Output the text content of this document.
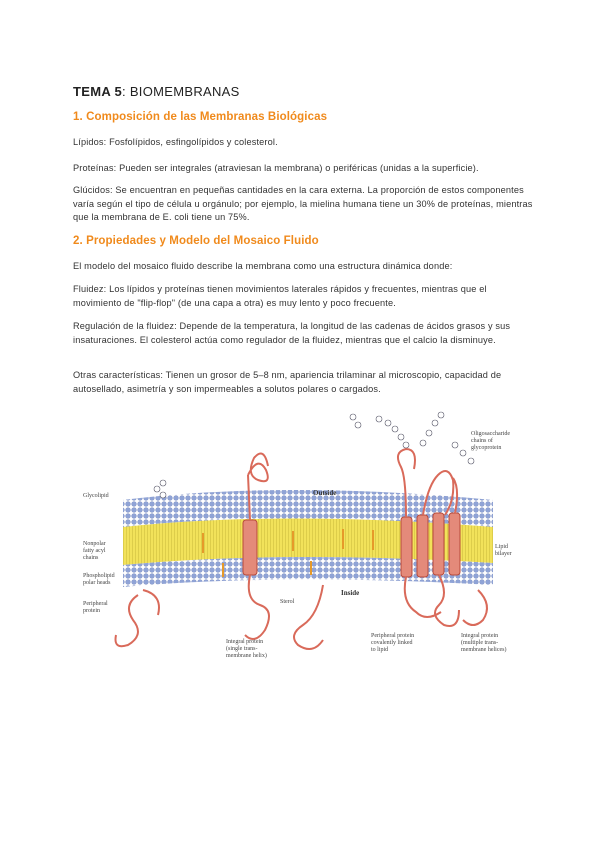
TEMA 5: BIOMEMBRANAS
1. Composición de las Membranas Biológicas
Lípidos: Fosfolípidos, esfingolípidos y colesterol.
Proteínas: Pueden ser integrales (atraviesan la membrana) o periféricas (unidas a la superficie).
Glúcidos: Se encuentran en pequeñas cantidades en la cara externa. La proporción de estos componentes varía según el tipo de célula u orgánulo; por ejemplo, la mielina humana tiene un 30% de proteínas, mientras que la membrana de E. coli tiene un 75%.
2. Propiedades y Modelo del Mosaico Fluido
El modelo del mosaico fluido describe la membrana como una estructura dinámica donde:
Fluidez: Los lípidos y proteínas tienen movimientos laterales rápidos y frecuentes, mientras que el movimiento de "flip-flop" (de una capa a otra) es muy lento y poco frecuente.
Regulación de la fluidez: Depende de la temperatura, la longitud de las cadenas de ácidos grasos y sus insaturaciones. El colesterol actúa como regulador de la fluidez, mientras que el calcio la disminuye.
Otras características: Tienen un grosor de 5–8 nm, apariencia trilaminar al microscopio, capacidad de autosellado, asimetría y son impermeables a solutos polares o cargados.
Outside
Inside
Glycolipid
Nonpolar
fatty acyl
chains
Phospholipid
polar heads
Peripheral
protein
Sterol
Lipid
bilayer
Oligosaccharide
chains of
glycoprotein
Integral protein
(single trans-
membrane helix)
Peripheral protein
covalently linked
to lipid
Integral protein
(multiple trans-
membrane helices)
